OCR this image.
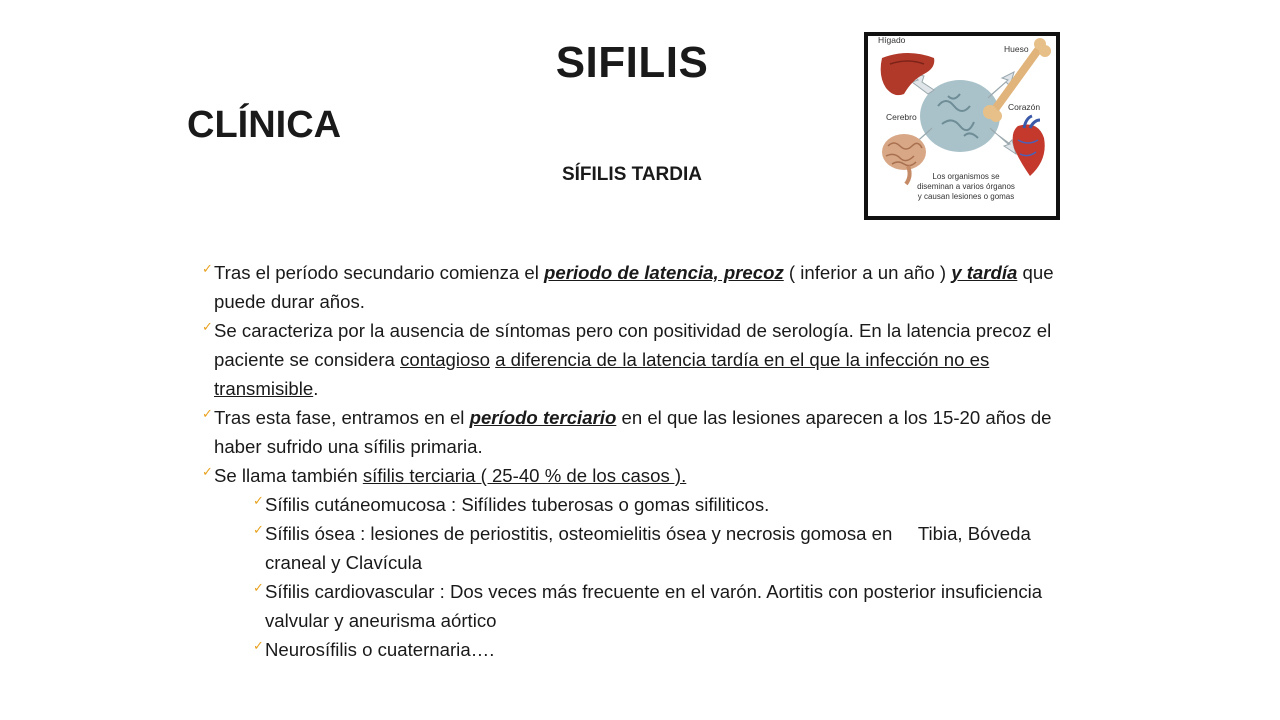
SIFILIS
CLÍNICA
SÍFILIS TARDIA
Hígado
Hueso
Cerebro
Corazón
Los organismos se diseminan a varios órganos y causan lesiones o gomas

✓ Tras el período secundario comienza el periodo de latencia, precoz ( inferior a un año ) y tardía que puede durar años.

✓ Se caracteriza por la ausencia de síntomas pero con positividad de serología. En la latencia precoz el paciente se considera contagioso a diferencia de la latencia tardía en el que la infección no es transmisible.

✓ Tras esta fase, entramos en el período terciario en el que las lesiones aparecen a los 15-20 años de haber sufrido una sífilis primaria.

✓ Se llama también sífilis terciaria ( 25-40 % de los casos ).

✓ Sífilis cutáneomucosa : Sifílides tuberosas o gomas sifiliticos.

✓ Sífilis ósea : lesiones de periostitis, osteomielitis ósea y necrosis gomosa en     Tibia, Bóveda craneal y Clavícula

✓ Sífilis cardiovascular : Dos veces más frecuente en el varón. Aortitis con posterior insuficiencia valvular y aneurisma aórtico

✓ Neurosífilis o cuaternaria….
